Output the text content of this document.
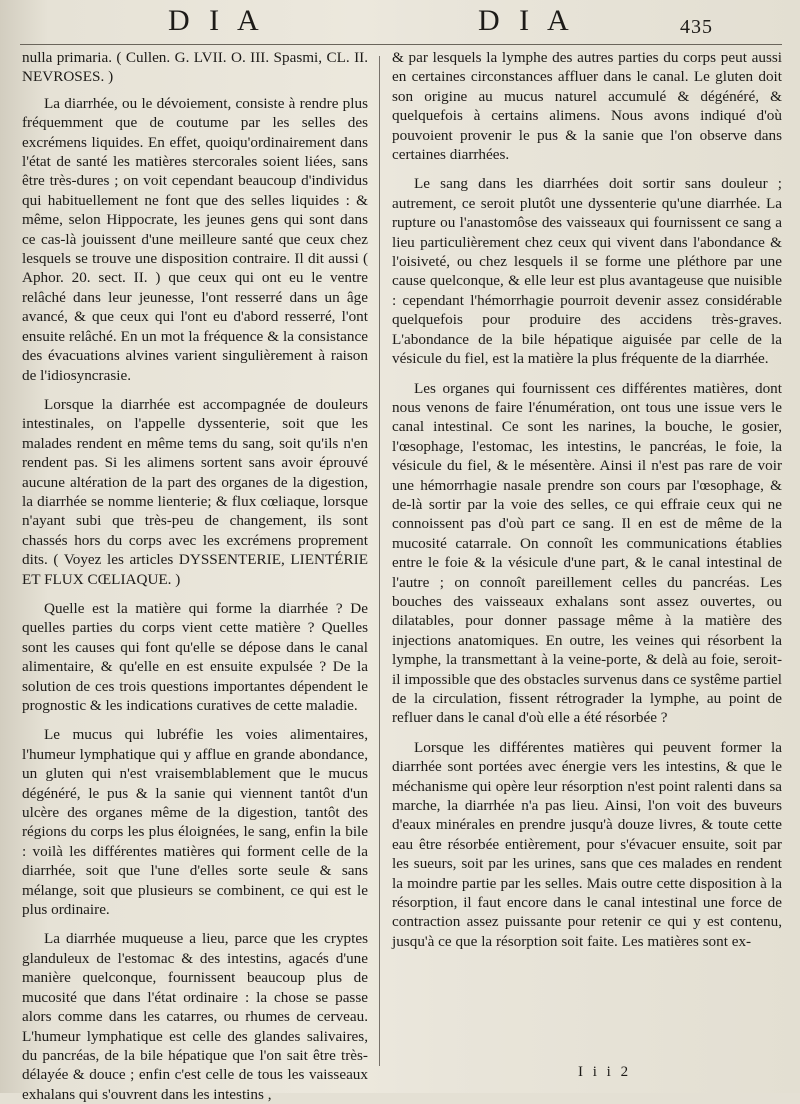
D I A	D I A	435

nulla primaria. ( Cullen. G. LVII. O. III. Spasmi, CL. II. NEVROSES. )

La diarrhée, ou le dévoiement, consiste à rendre plus fréquemment que de coutume par les selles des excrémens liquides. En effet, quoiqu'ordinairement dans l'état de santé les matières stercorales soient liées, sans être très-dures ; on voit cependant beaucoup d'individus qui habituellement ne font que des selles liquides : & même, selon Hippocrate, les jeunes gens qui sont dans ce cas-là jouissent d'une meilleure santé que ceux chez lesquels se trouve une disposition contraire. Il dit aussi ( Aphor. 20. sect. II. ) que ceux qui ont eu le ventre relâché dans leur jeunesse, l'ont resserré dans un âge avancé, & que ceux qui l'ont eu d'abord resserré, l'ont ensuite relâché. En un mot la fréquence & la consistance des évacuations alvines varient singulièrement à raison de l'idiosyncrasie.

Lorsque la diarrhée est accompagnée de douleurs intestinales, on l'appelle dyssenterie, soit que les malades rendent en même tems du sang, soit qu'ils n'en rendent pas. Si les alimens sortent sans avoir éprouvé aucune altération de la part des organes de la digestion, la diarrhée se nomme lienterie; & flux cœliaque, lorsque n'ayant subi que très-peu de changement, ils sont chassés hors du corps avec les excrémens proprement dits. ( Voyez les articles DYSSENTERIE, LIENTÉRIE ET FLUX CŒLIAQUE. )

Quelle est la matière qui forme la diarrhée ? De quelles parties du corps vient cette matière ? Quelles sont les causes qui font qu'elle se dépose dans le canal alimentaire, & qu'elle en est ensuite expulsée ? De la solution de ces trois questions importantes dépendent le prognostic & les indications curatives de cette maladie.

Le mucus qui lubréfie les voies alimentaires, l'humeur lymphatique qui y afflue en grande abondance, un gluten qui n'est vraisemblablement que le mucus dégénéré, le pus & la sanie qui viennent tantôt d'un ulcère des organes même de la digestion, tantôt des régions du corps les plus éloignées, le sang, enfin la bile : voilà les différentes matières qui forment celle de la diarrhée, soit que l'une d'elles sorte seule & sans mélange, soit que plusieurs se combinent, ce qui est le plus ordinaire.

La diarrhée muqueuse a lieu, parce que les cryptes glanduleux de l'estomac & des intestins, agacés d'une manière quelconque, fournissent beaucoup plus de mucosité que dans l'état ordinaire : la chose se passe alors comme dans les catarres, ou rhumes de cerveau. L'humeur lymphatique est celle des glandes salivaires, du pancréas, de la bile hépatique que l'on sait être très-délayée & douce ; enfin c'est celle de tous les vaisseaux exhalans qui s'ouvrent dans les intestins ,

& par lesquels la lymphe des autres parties du corps peut aussi en certaines circonstances affluer dans le canal. Le gluten doit son origine au mucus naturel accumulé & dégénéré, & quelquefois à certains alimens. Nous avons indiqué d'où pouvoient provenir le pus & la sanie que l'on observe dans certaines diarrhées.

Le sang dans les diarrhées doit sortir sans douleur ; autrement, ce seroit plutôt une dyssenterie qu'une diarrhée. La rupture ou l'anastomôse des vaisseaux qui fournissent ce sang a lieu particulièrement chez ceux qui vivent dans l'abondance & l'oisiveté, ou chez lesquels il se forme une pléthore par une cause quelconque, & elle leur est plus avantageuse que nuisible : cependant l'hémorrhagie pourroit devenir assez considérable quelquefois pour produire des accidens très-graves. L'abondance de la bile hépatique aiguisée par celle de la vésicule du fiel, est la matière la plus fréquente de la diarrhée.

Les organes qui fournissent ces différentes matières, dont nous venons de faire l'énumération, ont tous une issue vers le canal intestinal. Ce sont les narines, la bouche, le gosier, l'œsophage, l'estomac, les intestins, le pancréas, le foie, la vésicule du fiel, & le mésentère. Ainsi il n'est pas rare de voir une hémorrhagie nasale prendre son cours par l'œsophage, & de-là sortir par la voie des selles, ce qui effraie ceux qui ne connoissent pas d'où part ce sang. Il en est de même de la mucosité catarrale. On connoît les communications établies entre le foie & la vésicule d'une part, & le canal intestinal de l'autre ; on connoît pareillement celles du pancréas. Les bouches des vaisseaux exhalans sont assez ouvertes, ou dilatables, pour donner passage même à la matière des injections anatomiques. En outre, les veines qui résorbent la lymphe, la transmettant à la veine-porte, & delà au foie, seroit-il impossible que des obstacles survenus dans ce systême partiel de la circulation, fissent rétrograder la lymphe, au point de refluer dans le canal d'où elle a été résorbée ?

Lorsque les différentes matières qui peuvent former la diarrhée sont portées avec énergie vers les intestins, & que le méchanisme qui opère leur résorption n'est point ralenti dans sa marche, la diarrhée n'a pas lieu. Ainsi, l'on voit des buveurs d'eaux minérales en prendre jusqu'à douze livres, & toute cette eau être résorbée entièrement, pour s'évacuer ensuite, soit par les sueurs, soit par les urines, sans que ces malades en rendent la moindre partie par les selles. Mais outre cette disposition à la résorption, il faut encore dans le canal intestinal une force de contraction assez puissante pour retenir ce qui y est contenu, jusqu'à ce que la résorption soit faite. Les matières sont ex-

I i i 2
